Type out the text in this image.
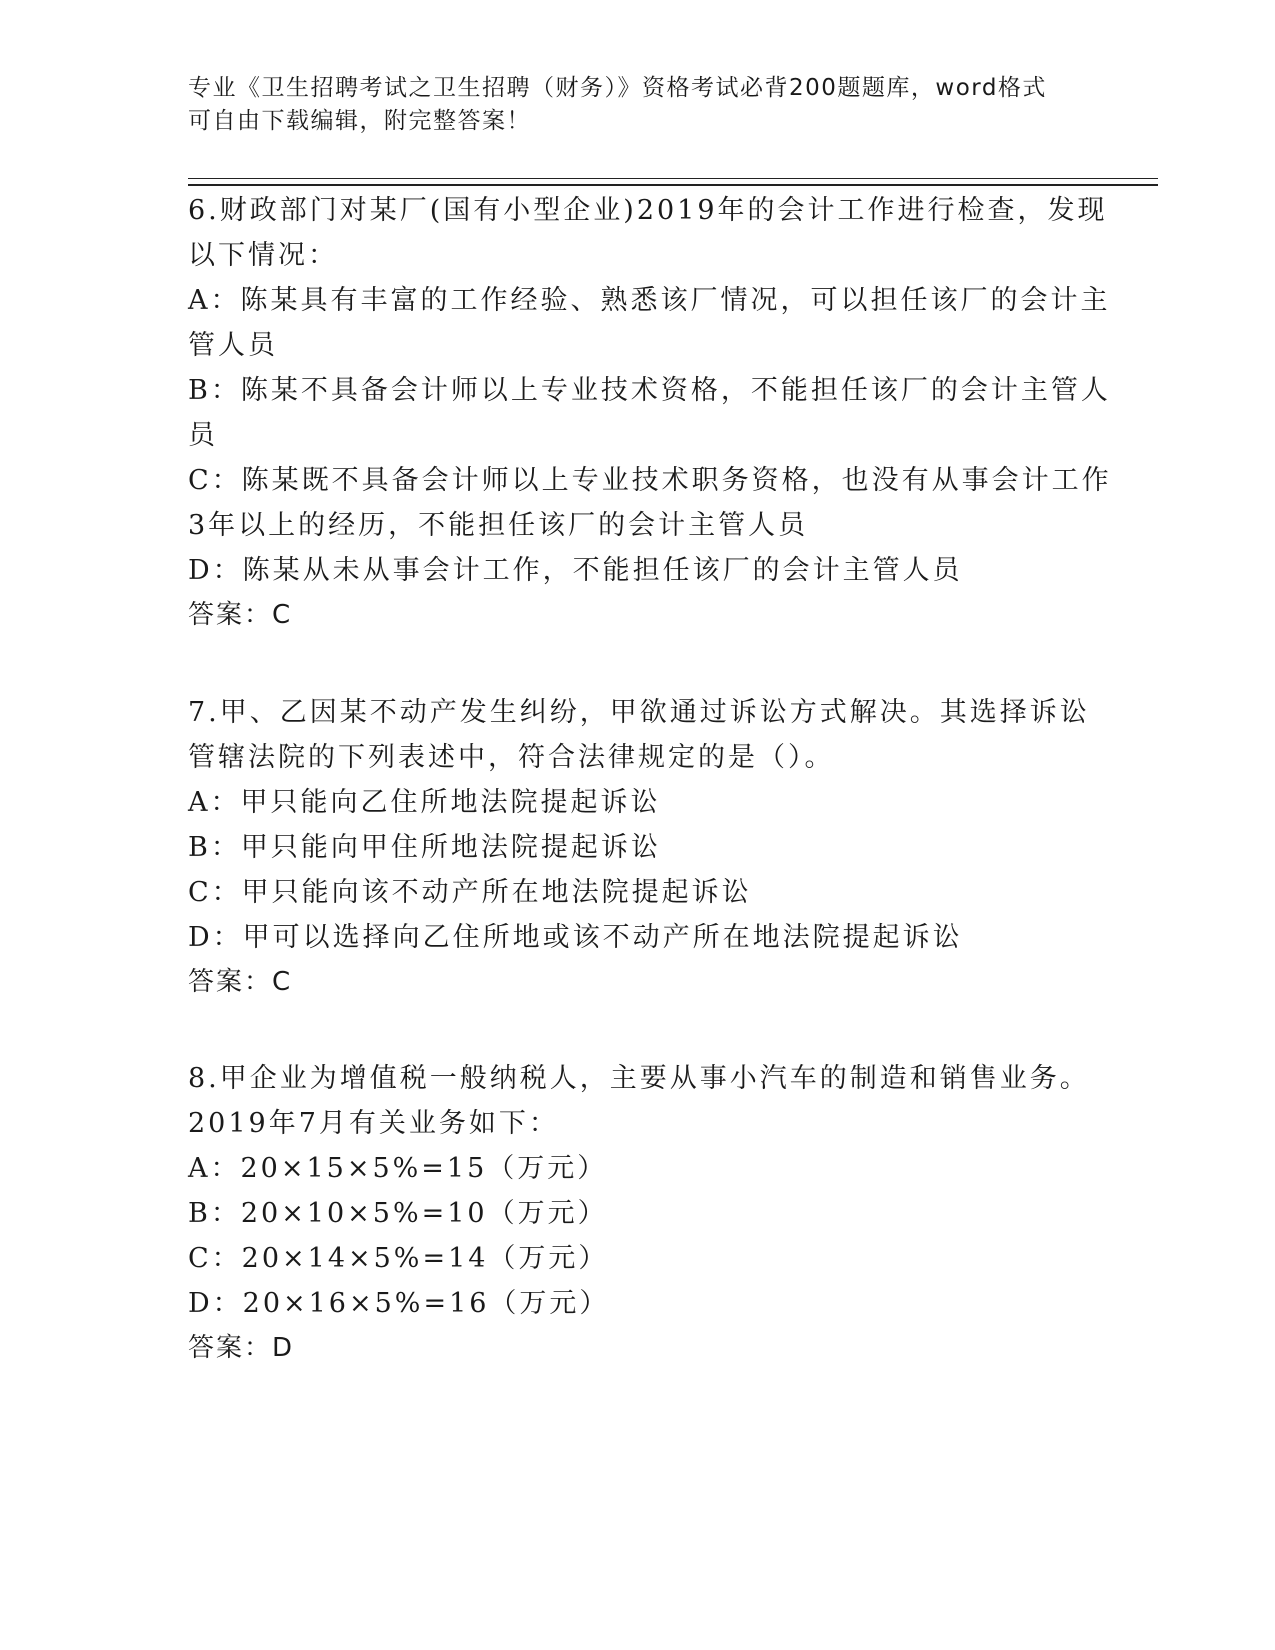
专业《卫生招聘考试之卫生招聘（财务）》资格考试必背200题题库，word格式
可自由下载编辑，附完整答案！
6.财政部门对某厂(国有小型企业)2019年的会计工作进行检查，发现
以下情况：
A：陈某具有丰富的工作经验、熟悉该厂情况，可以担任该厂的会计主
管人员
B：陈某不具备会计师以上专业技术资格，不能担任该厂的会计主管人
员
C：陈某既不具备会计师以上专业技术职务资格，也没有从事会计工作
3年以上的经历，不能担任该厂的会计主管人员
D：陈某从未从事会计工作，不能担任该厂的会计主管人员
答案：C
7.甲、乙因某不动产发生纠纷，甲欲通过诉讼方式解决。其选择诉讼
管辖法院的下列表述中，符合法律规定的是（）。
A：甲只能向乙住所地法院提起诉讼
B：甲只能向甲住所地法院提起诉讼
C：甲只能向该不动产所在地法院提起诉讼
D：甲可以选择向乙住所地或该不动产所在地法院提起诉讼
答案：C
8.甲企业为增值税一般纳税人，主要从事小汽车的制造和销售业务。
2019年7月有关业务如下：
A：20×15×5%=15（万元）
B：20×10×5%=10（万元）
C：20×14×5%=14（万元）
D：20×16×5%=16（万元）
答案：D
